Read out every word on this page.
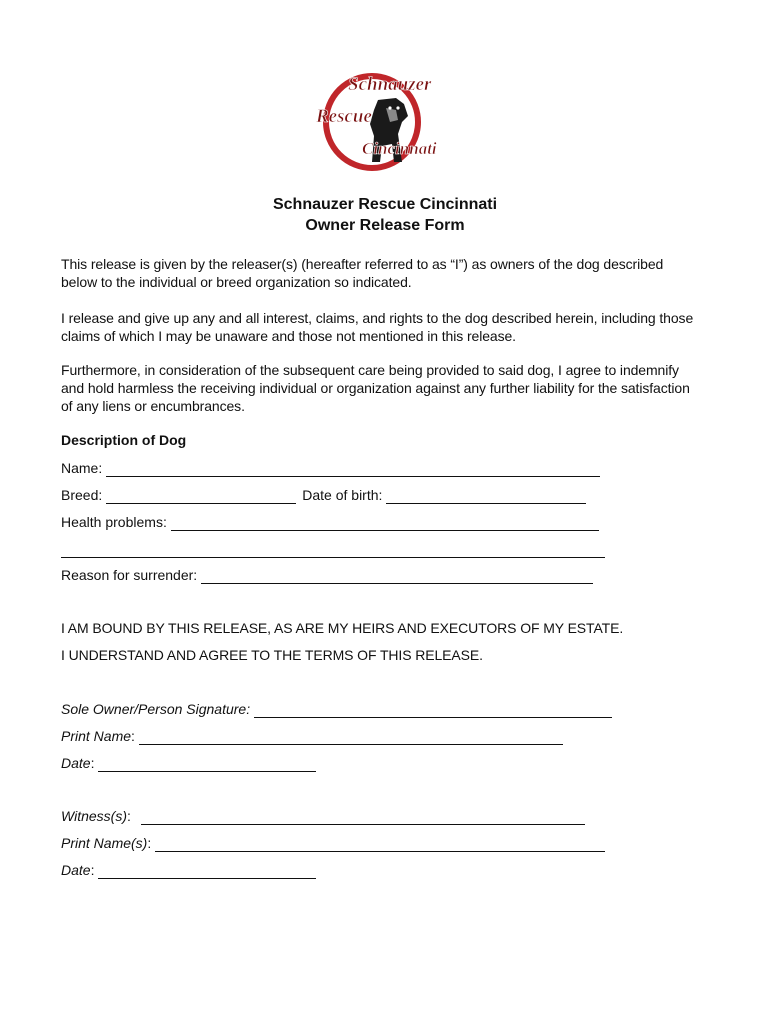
Schnauzer
Rescue
Cincinnati
Schnauzer Rescue Cincinnati
Owner Release Form
This release is given by the releaser(s) (hereafter referred to as “I”) as owners of the dog described below to the individual or breed organization so indicated.
I release and give up any and all interest, claims, and rights to the dog described herein, including those claims of which I may be unaware and those not mentioned in this release.
Furthermore, in consideration of the subsequent care being provided to said dog, I agree to indemnify and hold harmless the receiving individual or organization against any further liability for the satisfaction of any liens or encumbrances.
Description of Dog
Name:
Breed:	Date of birth:
Health problems:
Reason for surrender:
I AM BOUND BY THIS RELEASE, AS ARE MY HEIRS AND EXECUTORS OF MY ESTATE.
I UNDERSTAND AND AGREE TO THE TERMS OF THIS RELEASE.
Sole Owner/Person Signature:
Print Name :
Date :
Witness(s) :
Print Name(s) :
Date :
